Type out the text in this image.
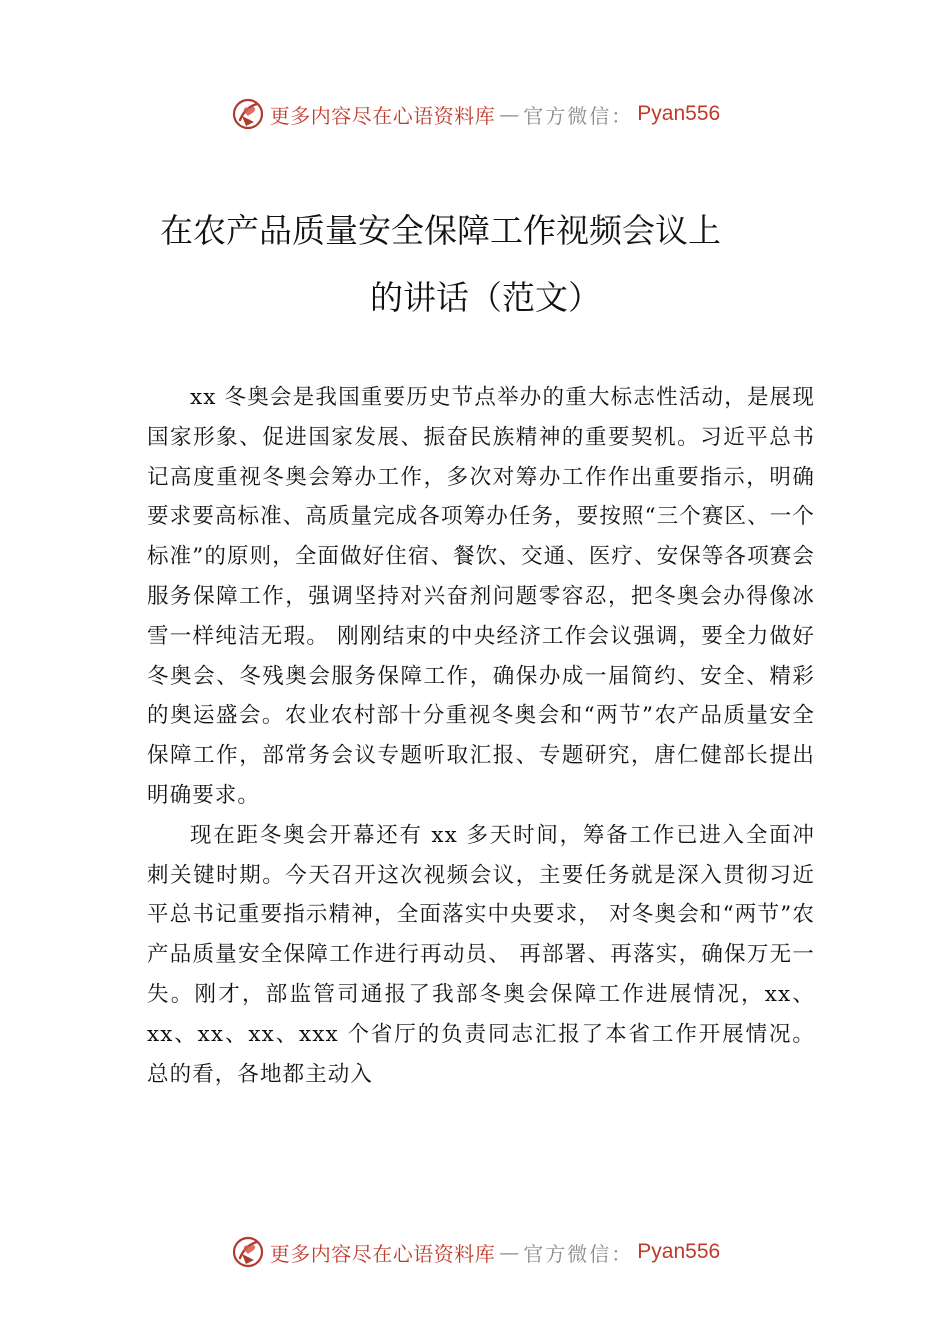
更多内容尽在心语资料库 — 官方微信： Pyan556
在农产品质量安全保障工作视频会议上
的讲话（范文）

xx 冬奥会是我国重要历史节点举办的重大标志性活动，是展现国家形象、促进国家发展、振奋民族精神的重要契机。习近平总书记高度重视冬奥会筹办工作，多次对筹办工作作出重要指示，明确要求要高标准、高质量完成各项筹办任务，要按照“三个赛区、一个标准”的原则，全面做好住宿、餐饮、交通、医疗、安保等各项赛会服务保障工作，强调坚持对兴奋剂问题零容忍，把冬奥会办得像冰雪一样纯洁无瑕。 刚刚结束的中央经济工作会议强调，要全力做好冬奥会、冬残奥会服务保障工作，确保办成一届简约、安全、精彩的奥运盛会。农业农村部十分重视冬奥会和“两节”农产品质量安全保障工作，部常务会议专题听取汇报、专题研究，唐仁健部长提出明确要求。

现在距冬奥会开幕还有 xx 多天时间，筹备工作已进入全面冲刺关键时期。今天召开这次视频会议，主要任务就是深入贯彻习近平总书记重要指示精神，全面落实中央要求， 对冬奥会和“两节”农产品质量安全保障工作进行再动员、 再部署、再落实，确保万无一失。刚才，部监管司通报了我部冬奥会保障工作进展情况，xx、xx、xx、xx、xxx 个省厅的负责同志汇报了本省工作开展情况。总的看，各地都主动入

更多内容尽在心语资料库 — 官方微信： Pyan556
